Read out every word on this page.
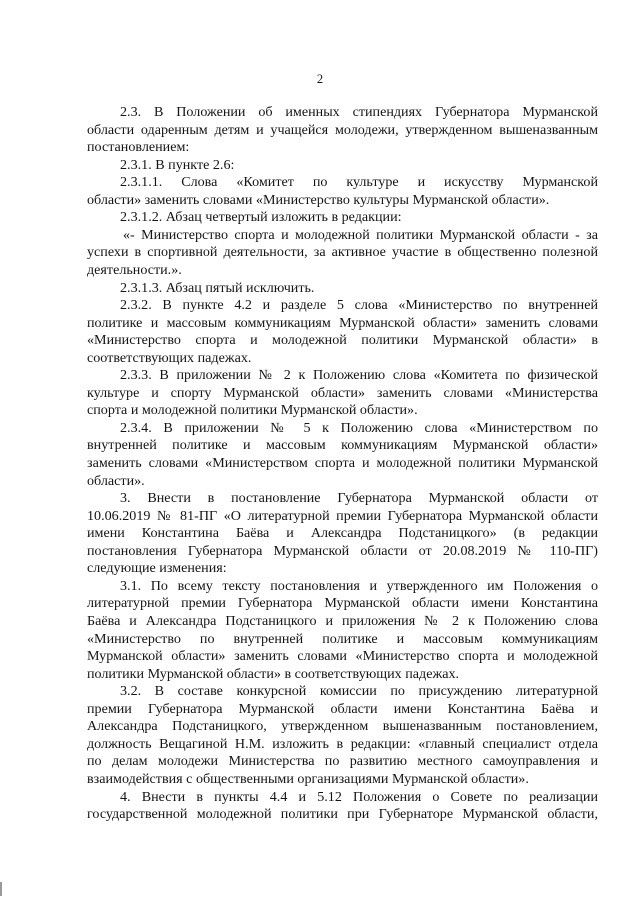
2
2.3. В Положении об именных стипендиях Губернатора Мурманской
области одаренным детям и учащейся молодежи, утвержденном вышеназванным
постановлением:
2.3.1. В пункте 2.6:
2.3.1.1. Слова «Комитет по культуре и искусству Мурманской
области» заменить словами «Министерство культуры Мурманской области».
2.3.1.2. Абзац четвертый изложить в редакции:
«- Министерство спорта и молодежной политики Мурманской области - за
успехи в спортивной деятельности, за активное участие в общественно полезной
деятельности.».
2.3.1.3. Абзац пятый исключить.
2.3.2. В пункте 4.2 и разделе 5 слова «Министерство по внутренней
политике и массовым коммуникациям Мурманской области» заменить словами
«Министерство спорта и молодежной политики Мурманской области» в
соответствующих падежах.
2.3.3. В приложении № 2 к Положению слова «Комитета по физической
культуре и спорту Мурманской области» заменить словами «Министерства
спорта и молодежной политики Мурманской области».
2.3.4. В приложении № 5 к Положению слова «Министерством по
внутренней политике и массовым коммуникациям Мурманской области»
заменить словами «Министерством спорта и молодежной политики Мурманской
области».
3. Внести в постановление Губернатора Мурманской области от
10.06.2019 № 81-ПГ «О литературной премии Губернатора Мурманской области
имени Константина Баёва и Александра Подстаницкого» (в редакции
постановления Губернатора Мурманской области от 20.08.2019 № 110-ПГ)
следующие изменения:
3.1. По всему тексту постановления и утвержденного им Положения о
литературной премии Губернатора Мурманской области имени Константина
Баёва и Александра Подстаницкого и приложения № 2 к Положению слова
«Министерство по внутренней политике и массовым коммуникациям
Мурманской области» заменить словами «Министерство спорта и молодежной
политики Мурманской области» в соответствующих падежах.
3.2. В составе конкурсной комиссии по присуждению литературной
премии Губернатора Мурманской области имени Константина Баёва и
Александра Подстаницкого, утвержденном вышеназванным постановлением,
должность Вещагиной Н.М. изложить в редакции: «главный специалист отдела
по делам молодежи Министерства по развитию местного самоуправления и
взаимодействия с общественными организациями Мурманской области».
4. Внести в пункты 4.4 и 5.12 Положения о Совете по реализации
государственной молодежной политики при Губернаторе Мурманской области,
